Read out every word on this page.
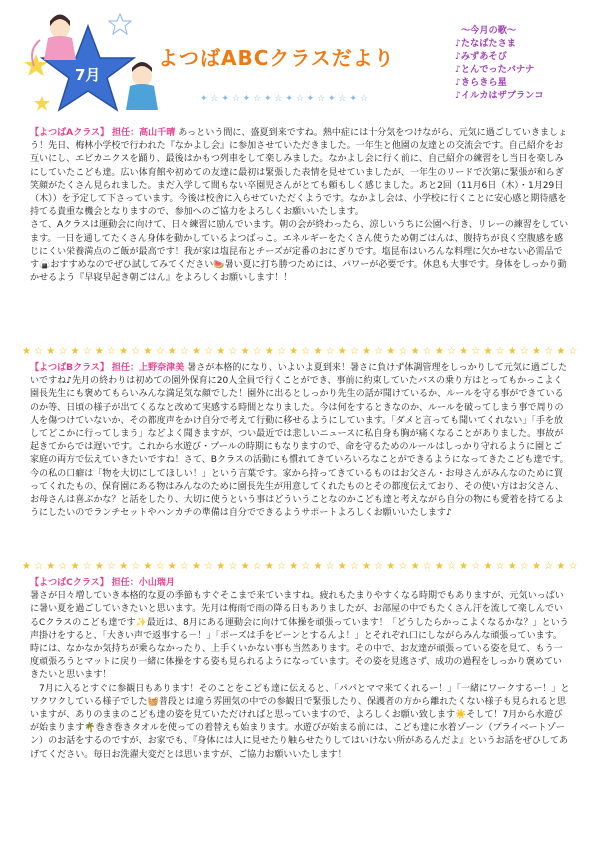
7月
よつばABCクラスだより
✦ ☆ ✦ ☆ ✦ ☆ ✦ ☆ ✦ ☆ ✦ ☆ ✦ ☆ ✦ ☆
～今月の歌～
♪たなばたさま
♪みずあそび
♪とんでったバナナ
♪きらきら星
♪イルカはザブランコ

【よつばAクラス】 担任：高山千晴 あっという間に、盛夏到来ですね。熱中症には十分気をつけながら、元気に過ごしていきましょう！先日、梅林小学校で行われた『なかよし会』に参加させていただきました。一年生と他園の友達との交流会です。自己紹介をお互いにし、エビカニクスを踊り、最後はかもつ列車をして楽しみました。なかよし会に行く前に、自己紹介の練習をし当日を楽しみにしていたこども達。広い体育館や初めての友達に最初は緊張した表情を見せていましたが、一年生のリードで次第に緊張が和らぎ笑顔がたくさん見られました。まだ入学して間もない卒園児さんがとても頼もしく感じました。あと2回（11月6日（木）・1月29日（木））を予定して下さっています。今後は校舎に入らせていただくようです。なかよし会は、小学校に行くことに安心感と期待感を持てる貴重な機会となりますので、参加へのご協力をよろしくお願いいたします。

さて、Aクラスは運動会に向けて、日々練習に励んでいます。朝の会が終わったら、涼しいうちに公園へ行き、リレーの練習をしています。一日を通してたくさん身体を動かしているよつばっこ。エネルギーをたくさん使うため朝ごはんは、腹持ちが良く空腹感を感じにくい栄養満点のご飯が最高です！我が家は塩昆布とチーズが定番のおにぎりです。塩昆布はいろんな料理に欠かせない必需品です🍙おすすめなのでぜひ試してみてください🍉暑い夏に打ち勝つためには、パワーが必要です。休息も大事です。身体をしっかり動かせるよう『早寝早起き朝ごはん』をよろしくお願いします！！

★ ☆ ★ ☆ ★ ☆ ★ ☆ ★ ☆ ★ ☆ ★ ☆ ★ ☆ ★ ☆ ★ ☆ ★ ☆ ★ ☆ ★ ☆ ★ ☆ ★ ☆ ★ ☆ ★ ☆ ★ ☆ ★ ☆ ★ ☆ ★ ☆ ★ ☆ ★ ☆

【よつばBクラス】 担任：上野奈津美 暑さが本格的になり、いよいよ夏到来！暑さに負けず体調管理をしっかりして元気に過ごしたいですね♪先月の終わりは初めての園外保育に20人全員で行くことができ、事前に約束していたバスの乗り方はとってもかっこよく園長先生にも褒めてもらいみんな満足気な顔でした！園外に出るとしっかり先生の話が聞けているか、ルールを守る事ができているのか等、日頃の様子が出てくるなと改めて実感する時間となりました。今は何をするときなのか、ルールを破ってしまう事で周りの人を傷つけていないか、その都度声をかけ自分で考えて行動に移せるようにしています。「ダメと言っても聞いてくれない」「手を放してどこかに行ってしまう」などよく聞きますが、つい最近では悲しいニュースに私自身も胸が痛くなることがありました。事故が起きてからでは遅いです。これから水遊び・プールの時期にもなりますので、命を守るためのルールはしっかり守れるように園とご家庭の両方で伝えていきたいですね！さて、Bクラスの活動にも慣れてきていろいろなことができるようになってきたこども達です。今の私の口癖は「物を大切にしてほしい！」という言葉です。家から持ってきているものはお父さん・お母さんがみんなのために買ってくれたもの、保育園にある物はみんなのために園長先生が用意してくれたものとその都度伝えており、その使い方はお父さん、お母さんは喜ぶかな？と話をしたり、大切に使うという事はどういうことなのかこども達と考えながら自分の物にも愛着を持てるようにしたいのでランチセットやハンカチの準備は自分でできるようサポートよろしくお願いいたします♪

★ ☆ ★ ☆ ★ ☆ ★ ☆ ★ ☆ ★ ☆ ★ ☆ ★ ☆ ★ ☆ ★ ☆ ★ ☆ ★ ☆ ★ ☆ ★ ☆ ★ ☆ ★ ☆ ★ ☆ ★ ☆ ★ ☆ ★ ☆ ★ ☆ ★ ☆ ★ ☆

【よつばCクラス】 担任：小山瑞月

暑さが日々増していき本格的な夏の季節もすぐそこまで来ていますね。疲れもたまりやすくなる時期でもありますが、元気いっぱいに暑い夏を過ごしていきたいと思います。先月は梅雨で雨の降る日もありましたが、お部屋の中でもたくさん汗を流して楽しんでいるCクラスのこども達です✨最近は、8月にある運動会に向けて体操を頑張っています！「どうしたらかっこよくなるかな？」という声掛けをすると、「大きい声で返事する－！」「ポーズは手をピーンとするんよ！」とそれぞれ口にしながらみんな頑張っています。時には、なかなか気持ちが乗らなかったり、上手くいかない事も当然あります。その中で、お友達が頑張っている姿を見て、もう一度頑張ろうとマットに戻り一緒に体操をする姿も見られるようになっています。その姿を見逃さず、成功の過程をしっかり褒めていきたいと思います！

7月に入るとすぐに参観日もあります！そのことをこども達に伝えると、「パパとママ来てくれるー！」「一緒にワークするー！」とワクワクしている様子でした🧺普段とは違う雰囲気の中での参観日で緊張したり、保護者の方から離れたくない様子も見られると思いますが、ありのままのこども達の姿を見ていただければと思っていますので、よろしくお願い致します☀️そして！7月から水遊びが始まります🌴巻き巻きタオルを使っての着替えも始まります。水遊びが始まる前には、こども達に水着ゾーン（プライベートゾーン）のお話をするのですが、お家でも、『身体には人に見せたり触らせたりしてはいけない所があるんだよ』というお話をぜひしてあげてください。毎日お洗濯大変だとは思いますが、ご協力お願いいたします！
